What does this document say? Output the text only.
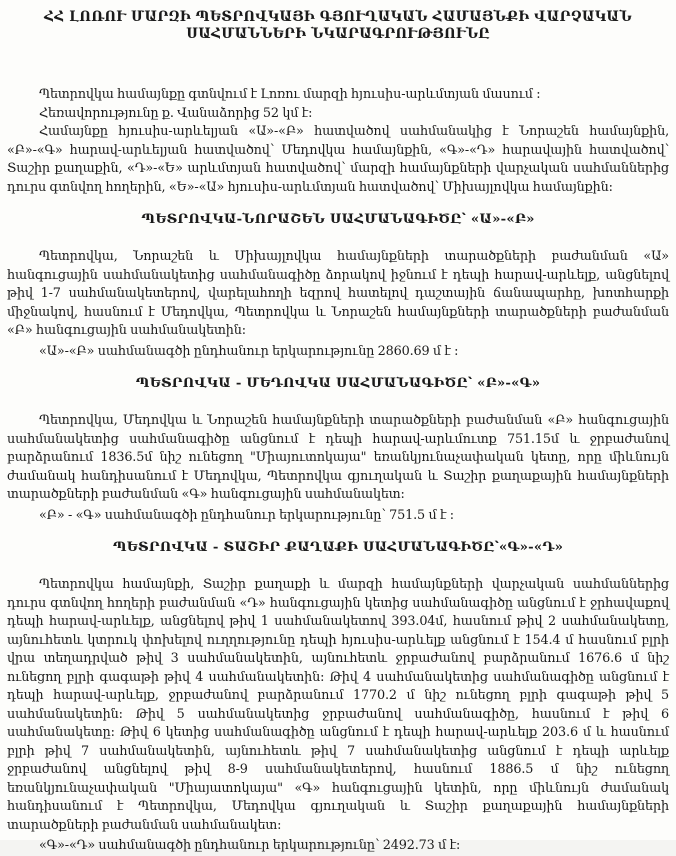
ՀՀ ԼՈՌՈՒ ՄԱՐԶԻ ՊԵՏՐՈՎԿԱՅԻ ԳՅՈՒՂԱԿԱՆ ՀԱՄԱՅՆՔԻ ՎԱՐՉԱԿԱՆ
ՍԱՀՄԱՆՆԵՐԻ ՆԿԱՐԱԳՐՈՒԹՅՈՒՆԸ

Պետրովկա համայնքը գտնվում է Լոռու մարզի հյուսիս-արևմտյան մասում :

Հեռավորությունը ք. Վանաձորից 52 կմ է:

Համայնքը հյուսիս-արևելյան «Ա»-«Բ» հատվածով սահմանակից է Նորաշեն համայնքին, «Բ»-«Գ» հարավ-արևելյան հատվածով՝ Մեդովկա համայնքին, «Գ»-«Դ» հարավային հատվածով՝ Տաշիր քաղաքին, «Դ»-«Ե» արևմտյան հատվածով՝ մարզի համայնքների վարչական սահմաններից դուրս գտնվող հողերին, «Ե»-«Ա» հյուսիս-արևմտյան հատվածով՝ Միխայլովկա համայնքին:

ՊԵՏՐՈՎԿԱ-ՆՈՐԱՇԵՆ ՍԱՀՄԱՆԱԳԻԾԸ՝ «Ա»-«Բ»

Պետրովկա, Նորաշեն և Միխայլովկա համայնքների տարածքների բաժանման «Ա» հանգուցային սահմանակետից սահմանագիծը ձորակով իջնում է դեպի հարավ-արևելք, անցնելով թիվ 1-7 սահմանակետերով, վարելահողի եզրով հատելով դաշտային ճանապարհը, խոտհարքի միջնակով, հասնում է Մեդովկա, Պետրովկա և Նորաշեն համայնքների տարածքների բաժանման «Բ» հանգուցային սահմանակետին:

«Ա»-«Բ» սահմանագծի ընդհանուր երկարությունը 2860.69 մ է :

ՊԵՏՐՈՎԿԱ - ՄԵԴՈՎԿԱ ՍԱՀՄԱՆԱԳԻԾԸ՝ «Բ»-«Գ»

Պետրովկա, Մեդովկա և Նորաշեն համայնքների տարածքների բաժանման «Բ» հանգուցային սահմանակետից սահմանագիծը անցնում է դեպի հարավ-արևմուտք 751.15մ և ջրբաժանով բարձրանում 1836.5մ նիշ ունեցող "Միայուտոկայա" եռանկյունաչափական կետը, որը միևնույն ժամանակ հանդիսանում է Մեդովկա, Պետրովկա գյուղական և Տաշիր քաղաքային համայնքների տարածքների բաժանման «Գ» հանգուցային սահմանակետ:

«Բ» - «Գ» սահմանագծի ընդհանուր երկարությունը՝ 751.5 մ է :

ՊԵՏՐՈՎԿԱ - ՏԱՇԻՐ ՔԱՂԱՔԻ ՍԱՀՄԱՆԱԳԻԾԸ՝«Գ»-«Դ»

Պետրովկա համայնքի, Տաշիր քաղաքի և մարզի համայնքների վարչական սահմաններից դուրս գտնվող հողերի բաժանման «Դ» հանգուցային կետից սահմանագիծը անցնում է ջրհավաքով դեպի հարավ-արևելք, անցնելով թիվ 1 սահմանակետով 393.04մ, հասնում թիվ 2 սահմանակետը, այնուհետև կտրուկ փոխելով ուղղությունը դեպի հյուսիս-արևելք անցնում է 154.4 մ հասնում բլրի վրա տեղադրված թիվ 3 սահմանակետին, այնուհետև ջրբաժանով բարձրանում 1676.6 մ նիշ ունեցող բլրի գագաթի թիվ 4 սահմանակետին: Թիվ 4 սահմանակետից սահմանագիծը անցնում է դեպի հարավ-արևելք, ջրբաժանով բարձրանում 1770.2 մ նիշ ունեցող բլրի գագաթի թիվ 5 սահմանակետին: Թիվ 5 սահմանակետից ջրբաժանով սահմանագիծը, հասնում է թիվ 6 սահմանակետը: Թիվ 6 կետից սահմանագիծը անցնում է դեպի հարավ-արևելք 203.6 մ և հասնում բլրի թիվ 7 սահմանակետին, այնուհետև թիվ 7 սահմանակետից անցնում է դեպի արևելք ջրբաժանով անցնելով թիվ 8-9 սահմանակետերով, հասնում 1886.5 մ նիշ ունեցող եռանկյունաչափական "Միայատոկայա" «Գ» հանգուցային կետին, որը միևնույն ժամանակ հանդիսանում է Պետրովկա, Մեդովկա գյուղական և Տաշիր քաղաքային համայնքների տարածքների բաժանման սահմանակետ:

«Գ»-«Դ» սահմանագծի ընդհանուր երկարությունը՝ 2492.73 մ է:
